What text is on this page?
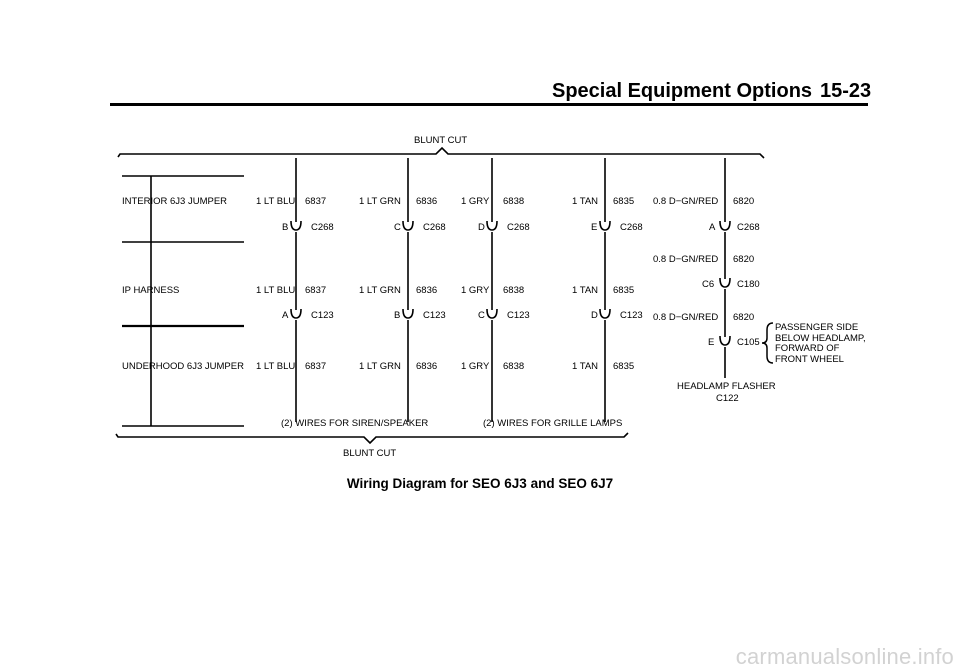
Special Equipment Options 15-23
BLUNT CUT
BLUNT CUT
INTERIOR 6J3 JUMPER
IP HARNESS
UNDERHOOD 6J3 JUMPER
1 LT BLU 6837
1 LT BLU 6837
1 LT BLU 6837
B C268
A C123
1 LT GRN 6836
1 LT GRN 6836
1 LT GRN 6836
C C268
B C123
1 GRY 6838
1 GRY 6838
1 GRY 6838
D C268
C C123
1 TAN 6835
1 TAN 6835
1 TAN 6835
E C268
D C123
0.8 D−GN/RED 6820
0.8 D−GN/RED 6820
0.8 D−GN/RED 6820
A C268
C6 C180
E C105
PASSENGER SIDE
BELOW HEADLAMP,
FORWARD OF
FRONT WHEEL
HEADLAMP FLASHER
C122
(2) WIRES FOR SIREN/SPEAKER	(2) WIRES FOR GRILLE LAMPS
Wiring Diagram for SEO 6J3 and SEO 6J7
carmanualsonline.info
